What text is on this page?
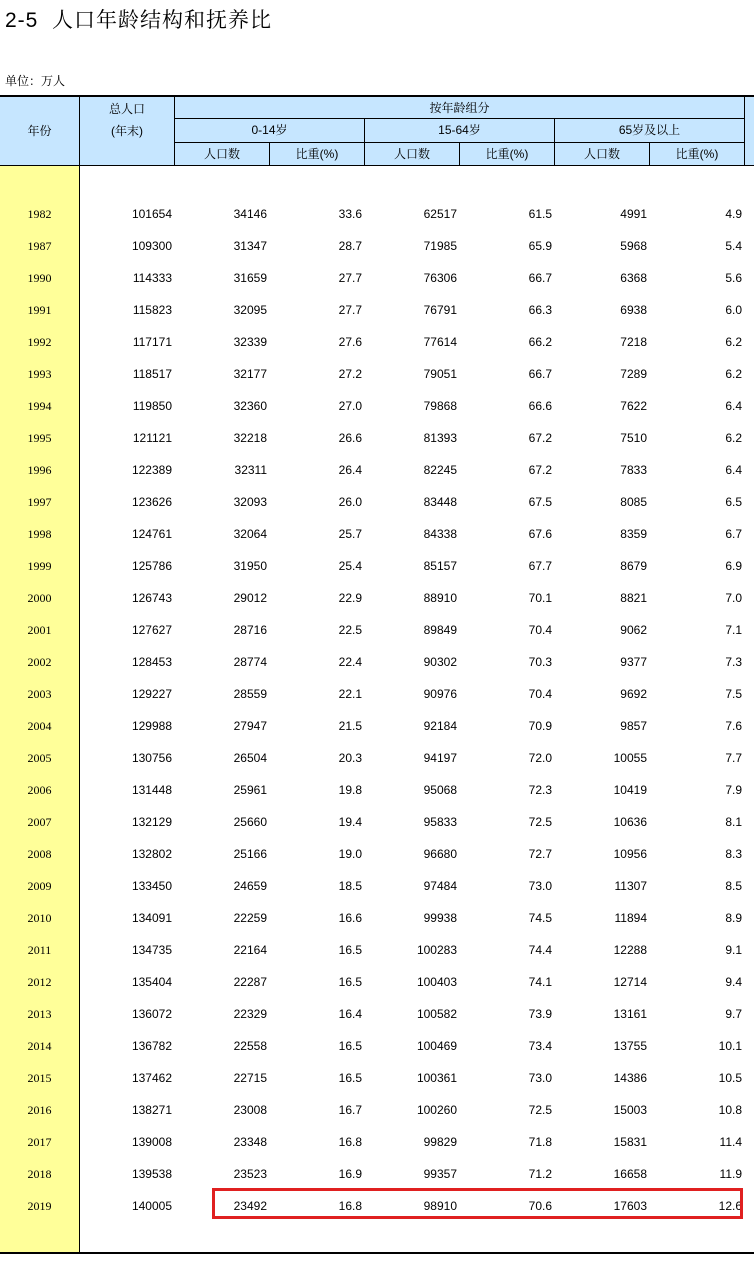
2-5  人口年龄结构和抚养比
单位：万人
年份
总人口
(年末)
按年龄组分
0-14岁	15-64岁	65岁及以上
人口数	比重(%)	人口数	比重(%)	人口数	比重(%)
1982	101654	34146	33.6	62517	61.5	4991	4.9
1987	109300	31347	28.7	71985	65.9	5968	5.4
1990	114333	31659	27.7	76306	66.7	6368	5.6
1991	115823	32095	27.7	76791	66.3	6938	6.0
1992	117171	32339	27.6	77614	66.2	7218	6.2
1993	118517	32177	27.2	79051	66.7	7289	6.2
1994	119850	32360	27.0	79868	66.6	7622	6.4
1995	121121	32218	26.6	81393	67.2	7510	6.2
1996	122389	32311	26.4	82245	67.2	7833	6.4
1997	123626	32093	26.0	83448	67.5	8085	6.5
1998	124761	32064	25.7	84338	67.6	8359	6.7
1999	125786	31950	25.4	85157	67.7	8679	6.9
2000	126743	29012	22.9	88910	70.1	8821	7.0
2001	127627	28716	22.5	89849	70.4	9062	7.1
2002	128453	28774	22.4	90302	70.3	9377	7.3
2003	129227	28559	22.1	90976	70.4	9692	7.5
2004	129988	27947	21.5	92184	70.9	9857	7.6
2005	130756	26504	20.3	94197	72.0	10055	7.7
2006	131448	25961	19.8	95068	72.3	10419	7.9
2007	132129	25660	19.4	95833	72.5	10636	8.1
2008	132802	25166	19.0	96680	72.7	10956	8.3
2009	133450	24659	18.5	97484	73.0	11307	8.5
2010	134091	22259	16.6	99938	74.5	11894	8.9
2011	134735	22164	16.5	100283	74.4	12288	9.1
2012	135404	22287	16.5	100403	74.1	12714	9.4
2013	136072	22329	16.4	100582	73.9	13161	9.7
2014	136782	22558	16.5	100469	73.4	13755	10.1
2015	137462	22715	16.5	100361	73.0	14386	10.5
2016	138271	23008	16.7	100260	72.5	15003	10.8
2017	139008	23348	16.8	99829	71.8	15831	11.4
2018	139538	23523	16.9	99357	71.2	16658	11.9
2019	140005	23492	16.8	98910	70.6	17603	12.6
